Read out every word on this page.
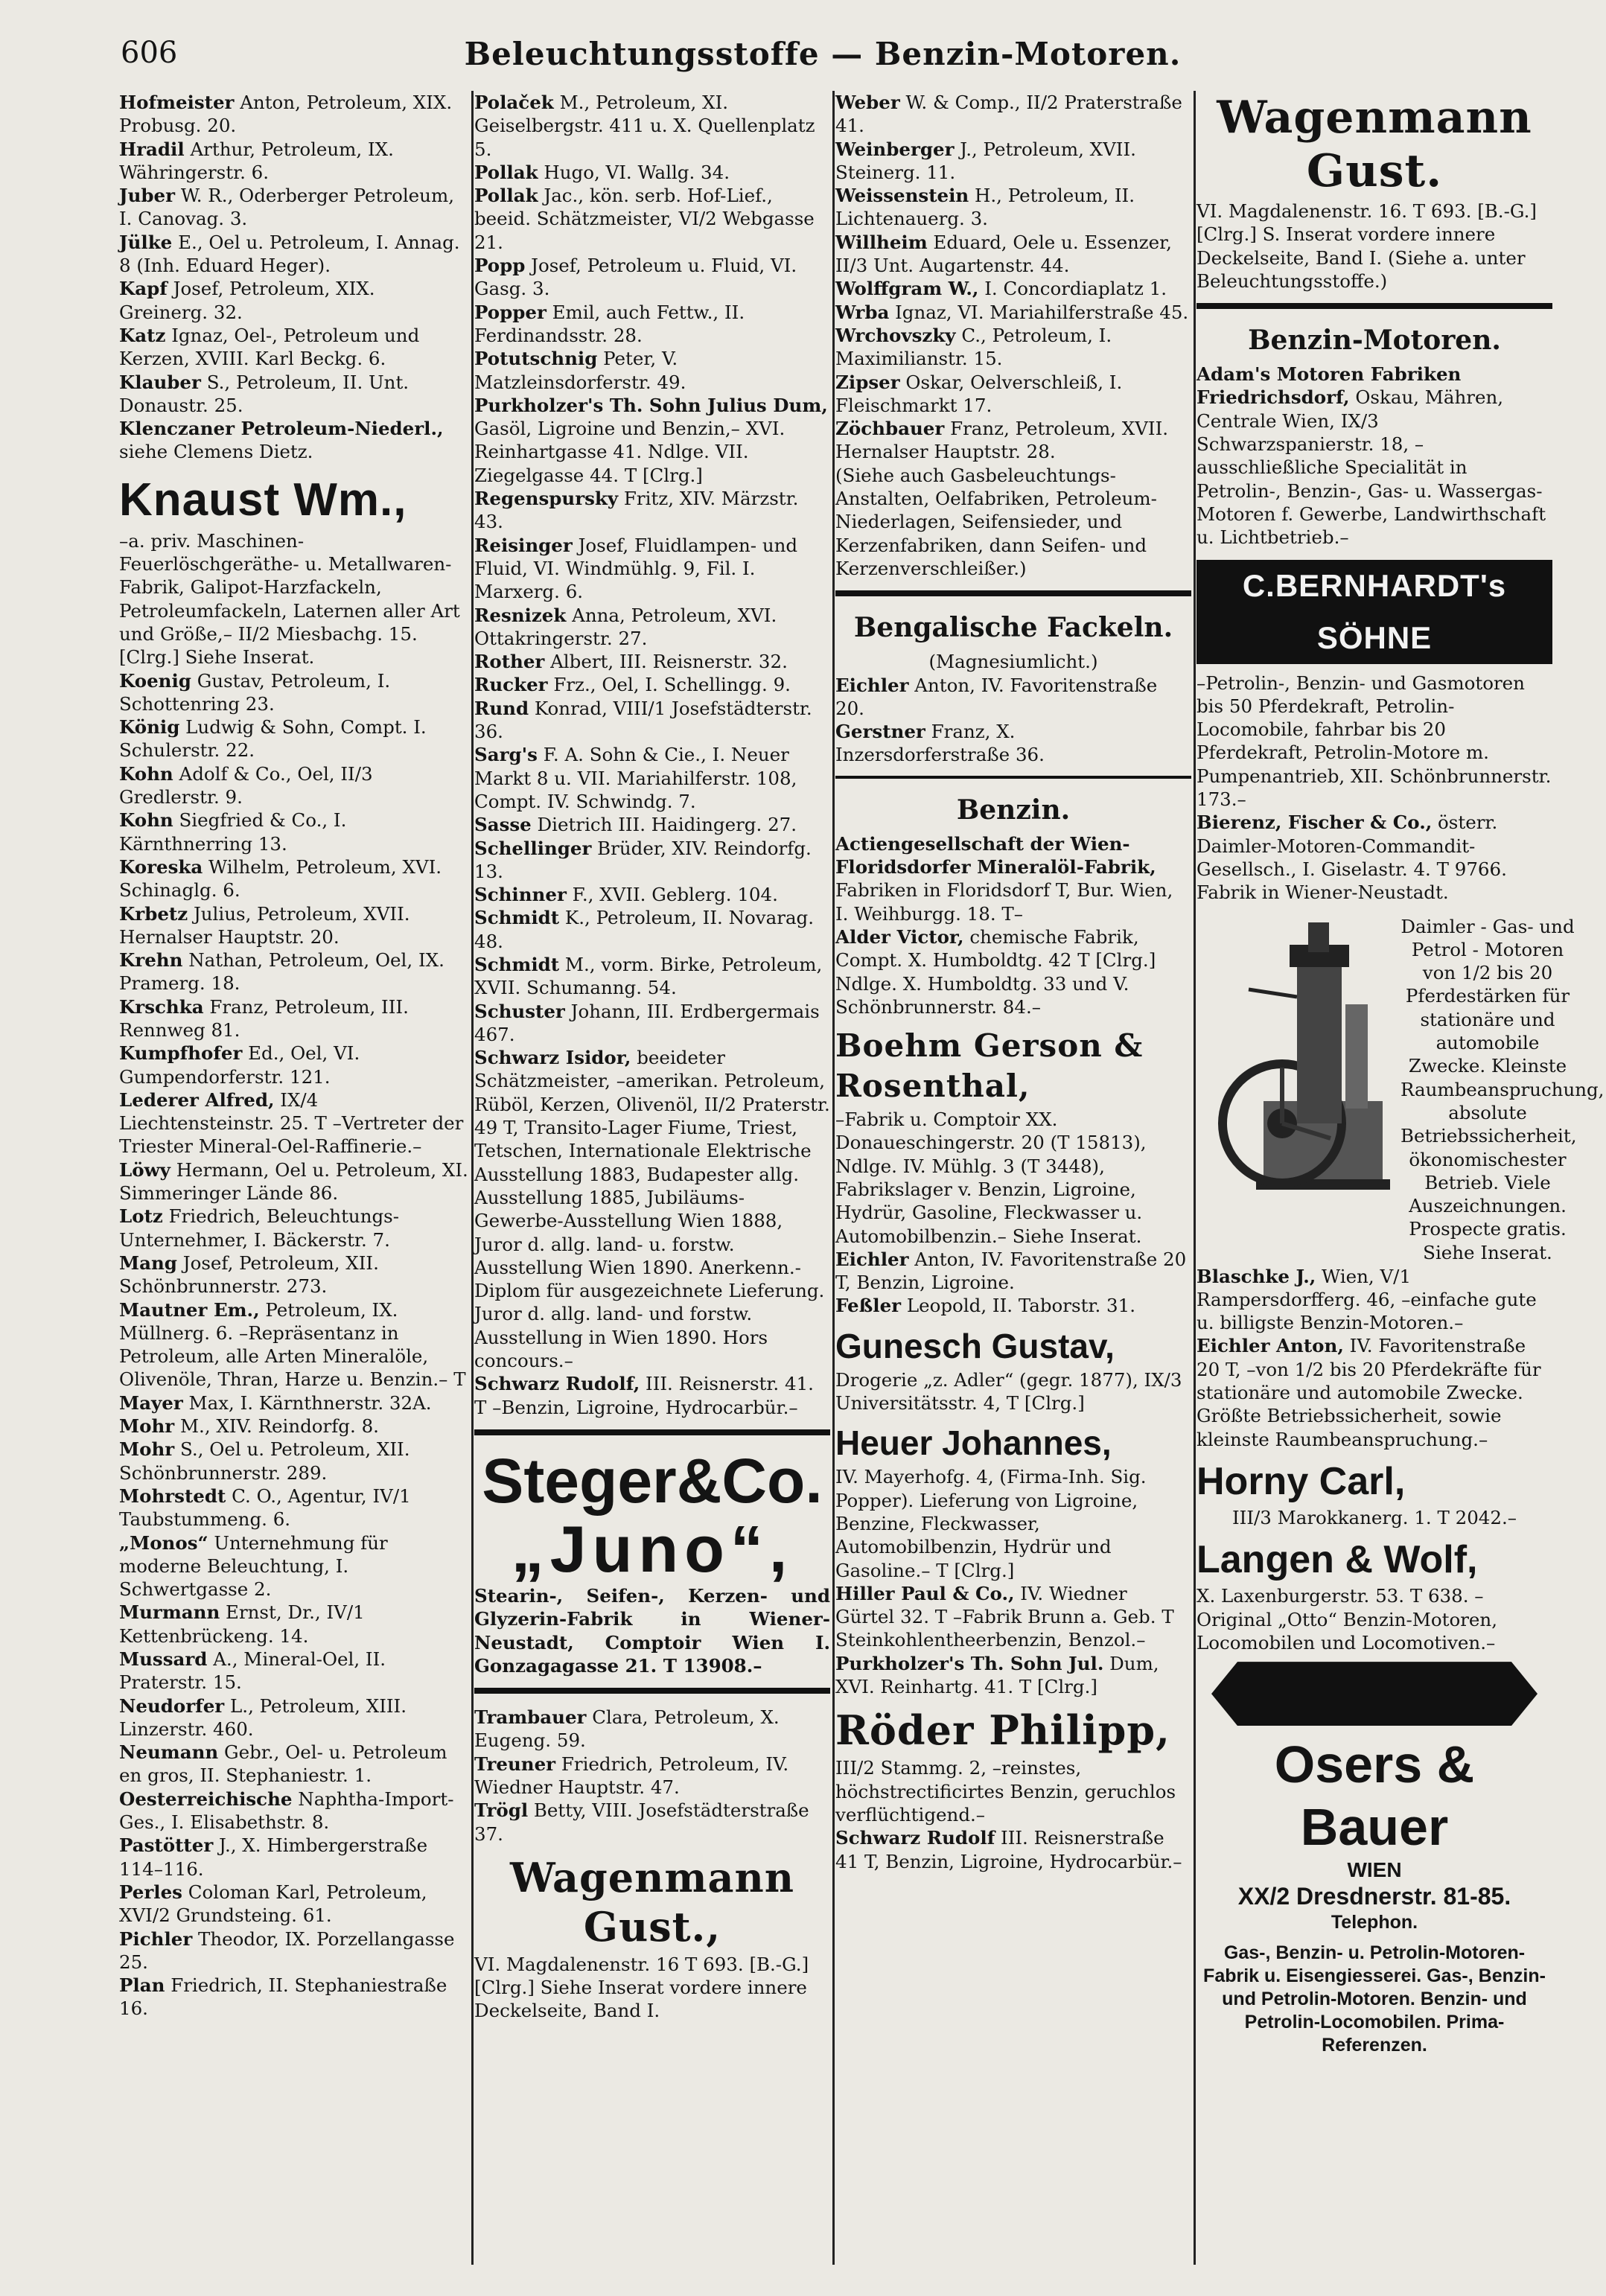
606	Beleuchtungsstoffe — Benzin-Motoren.
Hofmeister Anton, Petroleum, XIX. Probusg. 20.
Hradil Arthur, Petroleum, IX. Währingerstr. 6.
Juber W. R., Oderberger Petroleum, I. Canovag. 3.
Jülke E., Oel u. Petroleum, I. Annag. 8 (Inh. Eduard Heger).
Kapf Josef, Petroleum, XIX. Greinerg. 32.
Katz Ignaz, Oel-, Petroleum und Kerzen, XVIII. Karl Beckg. 6.
Klauber S., Petroleum, II. Unt. Donaustr. 25.
Klenczaner Petroleum-Niederl., siehe Clemens Dietz.
Knaust Wm.,
–a. priv. Maschinen-Feuerlöschgeräthe- u. Metallwaren-Fabrik, Galipot-Harzfackeln, Petroleumfackeln, Laternen aller Art und Größe,– II/2 Miesbachg. 15. [Clrg.] Siehe Inserat.
Koenig Gustav, Petroleum, I. Schottenring 23.
König Ludwig & Sohn, Compt. I. Schulerstr. 22.
Kohn Adolf & Co., Oel, II/3 Gredlerstr. 9.
Kohn Siegfried & Co., I. Kärnthnerring 13.
Koreska Wilhelm, Petroleum, XVI. Schinaglg. 6.
Krbetz Julius, Petroleum, XVII. Hernalser Hauptstr. 20.
Krehn Nathan, Petroleum, Oel, IX. Pramerg. 18.
Krschka Franz, Petroleum, III. Rennweg 81.
Kumpfhofer Ed., Oel, VI. Gumpendorferstr. 121.
Lederer Alfred, IX/4 Liechtensteinstr. 25. T –Vertreter der Triester Mineral-Oel-Raffinerie.–
Löwy Hermann, Oel u. Petroleum, XI. Simmeringer Lände 86.
Lotz Friedrich, Beleuchtungs-Unternehmer, I. Bäckerstr. 7.
Mang Josef, Petroleum, XII. Schönbrunnerstr. 273.
Mautner Em., Petroleum, IX. Müllnerg. 6. –Repräsentanz in Petroleum, alle Arten Mineralöle, Olivenöle, Thran, Harze u. Benzin.– T
Mayer Max, I. Kärnthnerstr. 32A.
Mohr M., XIV. Reindorfg. 8.
Mohr S., Oel u. Petroleum, XII. Schönbrunnerstr. 289.
Mohrstedt C. O., Agentur, IV/1 Taubstummeng. 6.
„Monos“ Unternehmung für moderne Beleuchtung, I. Schwertgasse 2.
Murmann Ernst, Dr., IV/1 Kettenbrückeng. 14.
Mussard A., Mineral-Oel, II. Praterstr. 15.
Neudorfer L., Petroleum, XIII. Linzerstr. 460.
Neumann Gebr., Oel- u. Petroleum en gros, II. Stephaniestr. 1.
Oesterreichische Naphtha-Import-Ges., I. Elisabethstr. 8.
Pastötter J., X. Himbergerstraße 114–116.
Perles Coloman Karl, Petroleum, XVI/2 Grundsteing. 61.
Pichler Theodor, IX. Porzellangasse 25.
Plan Friedrich, II. Stephaniestraße 16.
Polaček M., Petroleum, XI. Geiselbergstr. 411 u. X. Quellenplatz 5.
Pollak Hugo, VI. Wallg. 34.
Pollak Jac., kön. serb. Hof-Lief., beeid. Schätzmeister, VI/2 Webgasse 21.
Popp Josef, Petroleum u. Fluid, VI. Gasg. 3.
Popper Emil, auch Fettw., II. Ferdinandsstr. 28.
Potutschnig Peter, V. Matzleinsdorferstr. 49.
Purkholzer's Th. Sohn Julius Dum, Gasöl, Ligroine und Benzin,– XVI. Reinhartgasse 41. Ndlge. VII. Ziegelgasse 44. T [Clrg.]
Regenspursky Fritz, XIV. Märzstr. 43.
Reisinger Josef, Fluidlampen- und Fluid, VI. Windmühlg. 9, Fil. I. Marxerg. 6.
Resnizek Anna, Petroleum, XVI. Ottakringerstr. 27.
Rother Albert, III. Reisnerstr. 32.
Rucker Frz., Oel, I. Schellingg. 9.
Rund Konrad, VIII/1 Josefstädterstr. 36.
Sarg's F. A. Sohn & Cie., I. Neuer Markt 8 u. VII. Mariahilferstr. 108, Compt. IV. Schwindg. 7.
Sasse Dietrich III. Haidingerg. 27.
Schellinger Brüder, XIV. Reindorfg. 13.
Schinner F., XVII. Geblerg. 104.
Schmidt K., Petroleum, II. Novarag. 48.
Schmidt M., vorm. Birke, Petroleum, XVII. Schumanng. 54.
Schuster Johann, III. Erdbergermais 467.
Schwarz Isidor, beeideter Schätzmeister, –amerikan. Petroleum, Rüböl, Kerzen, Olivenöl, II/2 Praterstr. 49 T, Transito-Lager Fiume, Triest, Tetschen, Internationale Elektrische Ausstellung 1883, Budapester allg. Ausstellung 1885, Jubiläums-Gewerbe-Ausstellung Wien 1888, Juror d. allg. land- u. forstw. Ausstellung Wien 1890. Anerkenn.-Diplom für ausgezeichnete Lieferung. Juror d. allg. land- und forstw. Ausstellung in Wien 1890. Hors concours.–
Schwarz Rudolf, III. Reisnerstr. 41. T –Benzin, Ligroine, Hydrocarbür.–
Steger&Co.
„Juno“,
Stearin-, Seifen-, Kerzen- und Glyzerin-Fabrik in Wiener-Neustadt, Comptoir Wien I. Gonzagagasse 21. T 13908.–
Trambauer Clara, Petroleum, X. Eugeng. 59.
Treuner Friedrich, Petroleum, IV. Wiedner Hauptstr. 47.
Trögl Betty, VIII. Josefstädterstraße 37.
Wagenmann Gust.,
VI. Magdalenenstr. 16 T 693. [B.-G.] [Clrg.] Siehe Inserat vordere innere Deckelseite, Band I.
Weber W. & Comp., II/2 Praterstraße 41.
Weinberger J., Petroleum, XVII. Steinerg. 11.
Weissenstein H., Petroleum, II. Lichtenauerg. 3.
Willheim Eduard, Oele u. Essenzer, II/3 Unt. Augartenstr. 44.
Wolffgram W., I. Concordiaplatz 1.
Wrba Ignaz, VI. Mariahilferstraße 45.
Wrchovszky C., Petroleum, I. Maximilianstr. 15.
Zipser Oskar, Oelverschleiß, I. Fleischmarkt 17.
Zöchbauer Franz, Petroleum, XVII. Hernalser Hauptstr. 28.
(Siehe auch Gasbeleuchtungs-Anstalten, Oelfabriken, Petroleum-Niederlagen, Seifensieder, und Kerzenfabriken, dann Seifen- und Kerzenverschleißer.)
Bengalische Fackeln.
(Magnesiumlicht.)
Eichler Anton, IV. Favoritenstraße 20.
Gerstner Franz, X. Inzersdorferstraße 36.
Benzin.
Actiengesellschaft der Wien-Floridsdorfer Mineralöl-Fabrik, Fabriken in Floridsdorf T, Bur. Wien, I. Weihburgg. 18. T–
Alder Victor, chemische Fabrik, Compt. X. Humboldtg. 42 T [Clrg.] Ndlge. X. Humboldtg. 33 und V. Schönbrunnerstr. 84.–
Boehm Gerson & Rosenthal,
–Fabrik u. Comptoir XX. Donaueschingerstr. 20 (T 15813), Ndlge. IV. Mühlg. 3 (T 3448), Fabrikslager v. Benzin, Ligroine, Hydrür, Gasoline, Fleckwasser u. Automobilbenzin.– Siehe Inserat.
Eichler Anton, IV. Favoritenstraße 20 T, Benzin, Ligroine.
Feßler Leopold, II. Taborstr. 31.
Gunesch Gustav,
Drogerie „z. Adler“ (gegr. 1877), IX/3 Universitätsstr. 4, T [Clrg.]
Heuer Johannes,
IV. Mayerhofg. 4, (Firma-Inh. Sig. Popper). Lieferung von Ligroine, Benzine, Fleckwasser, Automobilbenzin, Hydrür und Gasoline.– T [Clrg.]
Hiller Paul & Co., IV. Wiedner Gürtel 32. T –Fabrik Brunn a. Geb. T Steinkohlentheerbenzin, Benzol.–
Purkholzer's Th. Sohn Jul. Dum, XVI. Reinhartg. 41. T [Clrg.]
Röder Philipp,
III/2 Stammg. 2, –reinstes, höchstrectificirtes Benzin, geruchlos verflüchtigend.–
Schwarz Rudolf III. Reisnerstraße 41 T, Benzin, Ligroine, Hydrocarbür.–
Wagenmann Gust.
VI. Magdalenenstr. 16. T 693. [B.-G.] [Clrg.] S. Inserat vordere innere Deckelseite, Band I. (Siehe a. unter Beleuchtungsstoffe.)
Benzin-Motoren.
Adam's Motoren Fabriken Friedrichsdorf, Oskau, Mähren, Centrale Wien, IX/3 Schwarzspanierstr. 18, –ausschließliche Specialität in Petrolin-, Benzin-, Gas- u. Wassergas-Motoren f. Gewerbe, Landwirthschaft u. Lichtbetrieb.–
C.BERNHARDT's SÖHNE
–Petrolin-, Benzin- und Gasmotoren bis 50 Pferdekraft, Petrolin-Locomobile, fahrbar bis 20 Pferdekraft, Petrolin-Motore m. Pumpenantrieb, XII. Schönbrunnerstr. 173.–
Bierenz, Fischer & Co., österr. Daimler-Motoren-Commandit-Gesellsch., I. Giselastr. 4. T 9766. Fabrik in Wiener-Neustadt.
Daimler - Gas- und Petrol - Motoren von 1/2 bis 20 Pferdestärken für stationäre und automobile Zwecke. Kleinste Raumbeanspruchung, absolute Betriebssicherheit, ökonomischester Betrieb. Viele Auszeichnungen. Prospecte gratis. Siehe Inserat.
Blaschke J., Wien, V/1 Rampersdorfferg. 46, –einfache gute u. billigste Benzin-Motoren.–
Eichler Anton, IV. Favoritenstraße 20 T, –von 1/2 bis 20 Pferdekräfte für stationäre und automobile Zwecke. Größte Betriebssicherheit, sowie kleinste Raumbeanspruchung.–
Horny Carl,
III/3 Marokkanerg. 1. T 2042.–
Langen & Wolf,
X. Laxenburgerstr. 53. T 638. –Original „Otto“ Benzin-Motoren, Locomobilen und Locomotiven.–
Osers & Bauer
WIEN
XX/2 Dresdnerstr. 81-85.
Telephon.
Gas-, Benzin- u. Petrolin-Motoren-Fabrik u. Eisengiesserei. Gas-, Benzin- und Petrolin-Motoren. Benzin- und Petrolin-Locomobilen. Prima-Referenzen.
